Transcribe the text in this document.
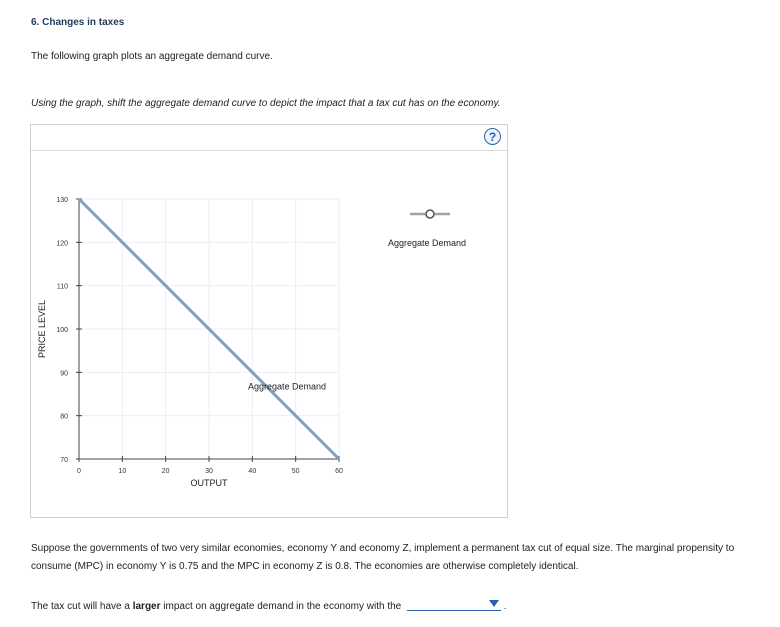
6. Changes in taxes
The following graph plots an aggregate demand curve.
Using the graph, shift the aggregate demand curve to depict the impact that a tax cut has on the economy.
?
70
80
90
100
110
120
130
0	10	20	30	40	50	60
OUTPUT
PRICE LEVEL
Aggregate Demand
Aggregate Demand
Suppose the governments of two very similar economies, economy Y and economy Z, implement a permanent tax cut of equal size. The marginal propensity to consume (MPC) in economy Y is 0.75 and the MPC in economy Z is 0.8. The economies are otherwise completely identical.
The tax cut will have a larger impact on aggregate demand in the economy with the	.
